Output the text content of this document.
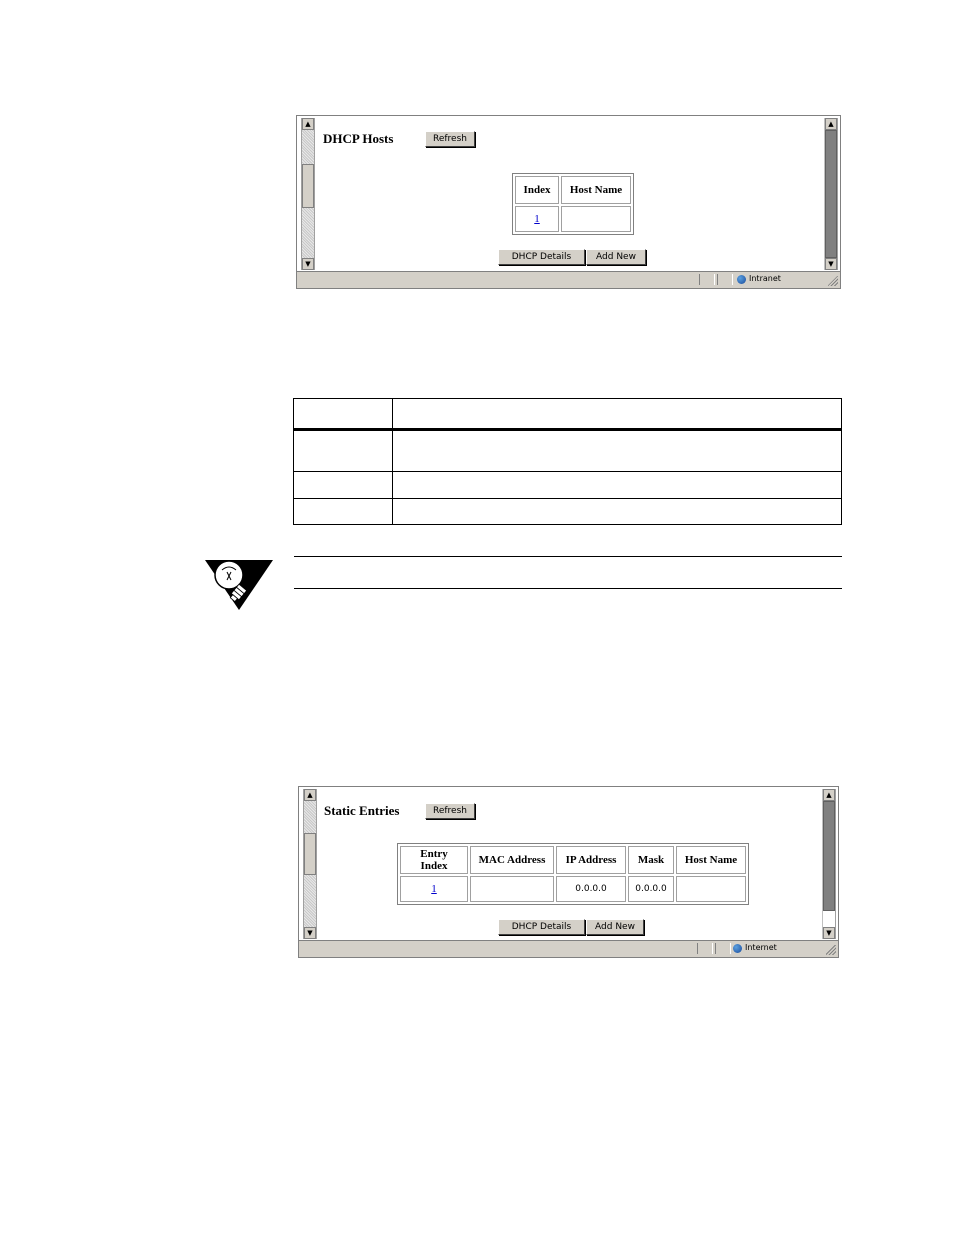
▲
▼
DHCP Hosts	Refresh
Index	Host Name
1	
DHCP Details	Add New
▲
▼
Intranet

▲
▼
Static Entries	Refresh
Entry Index	MAC Address	IP Address	Mask	Host Name
1		0.0.0.0	0.0.0.0	
DHCP Details	Add New
▲
▼
Internet
